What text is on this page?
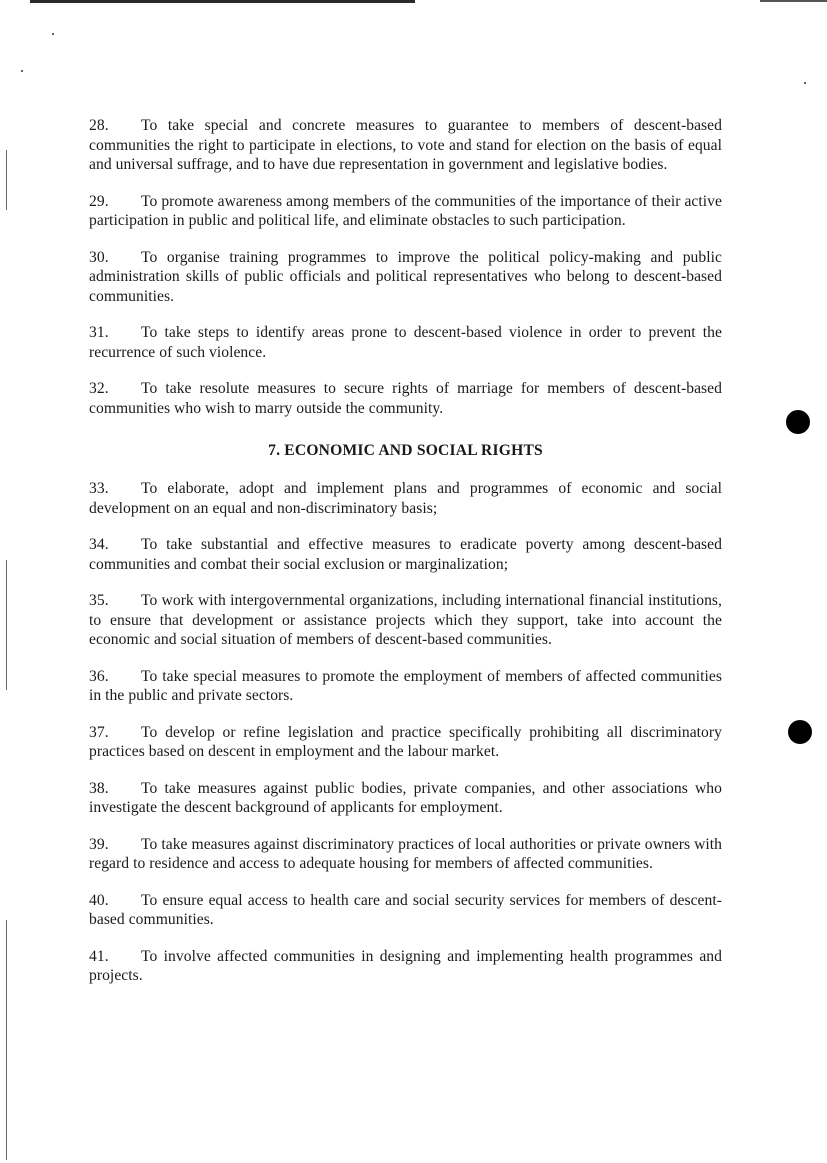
28. To take special and concrete measures to guarantee to members of descent-based communities the right to participate in elections, to vote and stand for election on the basis of equal and universal suffrage, and to have due representation in government and legislative bodies.

29. To promote awareness among members of the communities of the importance of their active participation in public and political life, and eliminate obstacles to such participation.

30. To organise training programmes to improve the political policy-making and public administration skills of public officials and political representatives who belong to descent-based communities.

31. To take steps to identify areas prone to descent-based violence in order to prevent the recurrence of such violence.

32. To take resolute measures to secure rights of marriage for members of descent-based communities who wish to marry outside the community.

7. ECONOMIC AND SOCIAL RIGHTS

33. To elaborate, adopt and implement plans and programmes of economic and social development on an equal and non-discriminatory basis;

34. To take substantial and effective measures to eradicate poverty among descent-based communities and combat their social exclusion or marginalization;

35. To work with intergovernmental organizations, including international financial institutions, to ensure that development or assistance projects which they support, take into account the economic and social situation of members of descent-based communities.

36. To take special measures to promote the employment of members of affected communities in the public and private sectors.

37. To develop or refine legislation and practice specifically prohibiting all discriminatory practices based on descent in employment and the labour market.

38. To take measures against public bodies, private companies, and other associations who investigate the descent background of applicants for employment.

39. To take measures against discriminatory practices of local authorities or private owners with regard to residence and access to adequate housing for members of affected communities.

40. To ensure equal access to health care and social security services for members of descent-based communities.

41. To involve affected communities in designing and implementing health programmes and projects.
